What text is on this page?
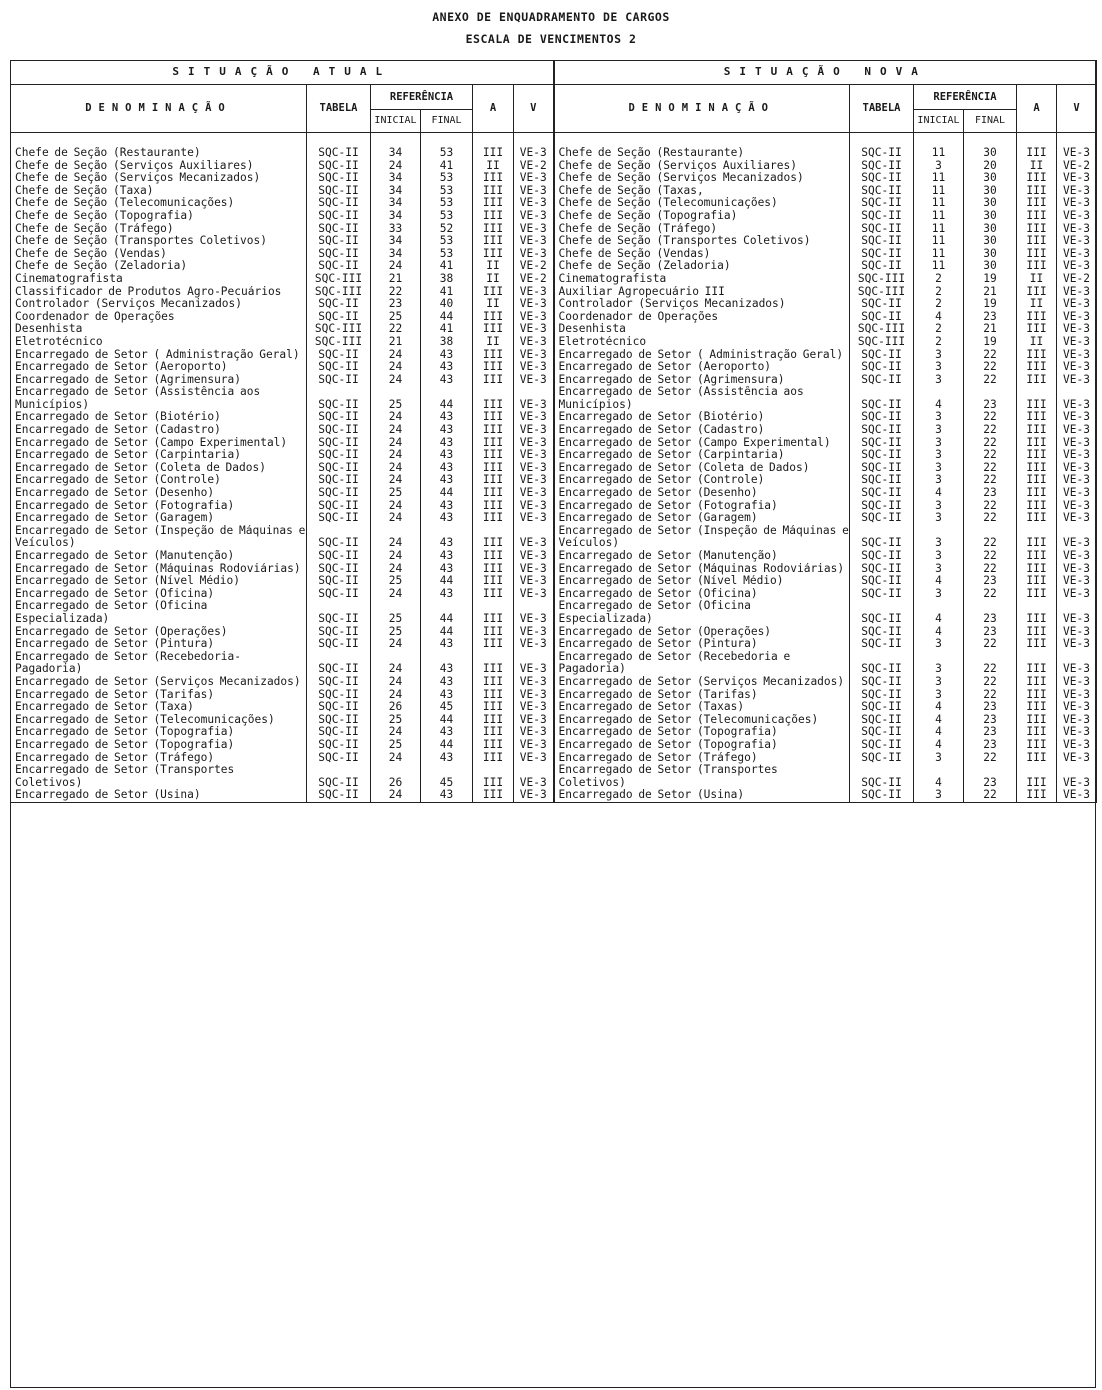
ANEXO DE ENQUADRAMENTO DE CARGOS
ESCALA DE VENCIMENTOS 2
SITUAÇÃO ATUAL						SITUAÇÃO NOVA					
DENOMINAÇÃO	TABELA	REFERÊNCIA		A	V	DENOMINAÇÃO	TABELA	REFERÊNCIA		A	V
		INICIAL	FINAL					INICIAL	FINAL		

Chefe de Seção (Restaurante)	SQC-II	34	53	III	VE-3	Chefe de Seção (Restaurante)	SQC-II	11	30	III	VE-3
Chefe de Seção (Serviços Auxiliares)	SQC-II	24	41	II	VE-2	Chefe de Seção (Serviços Auxiliares)	SQC-II	3	20	II	VE-2
Chefe de Seção (Serviços Mecanizados)	SQC-II	34	53	III	VE-3	Chefe de Seção (Serviços Mecanizados)	SQC-II	11	30	III	VE-3
Chefe de Seção (Taxa)	SQC-II	34	53	III	VE-3	Chefe de Seção (Taxas,	SQC-II	11	30	III	VE-3
Chefe de Seção (Telecomunicações)	SQC-II	34	53	III	VE-3	Chefe de Seção (Telecomunicações)	SQC-II	11	30	III	VE-3
Chefe de Seção (Topografia)	SQC-II	34	53	III	VE-3	Chefe de Seção (Topografia)	SQC-II	11	30	III	VE-3
Chefe de Seção (Tráfego)	SQC-II	33	52	III	VE-3	Chefe de Seção (Tráfego)	SQC-II	11	30	III	VE-3
Chefe de Seção (Transportes Coletivos)	SQC-II	34	53	III	VE-3	Chefe de Seção (Transportes Coletivos)	SQC-II	11	30	III	VE-3
Chefe de Seção (Vendas)	SQC-II	34	53	III	VE-3	Chefe de Seção (Vendas)	SQC-II	11	30	III	VE-3
Chefe de Seção (Zeladoria)	SQC-II	24	41	II	VE-2	Chefe de Seção (Zeladoria)	SQC-II	11	30	III	VE-3
Cinematografista	SQC-III	21	38	II	VE-2	Cinematografista	SQC-III	2	19	II	VE-2
Classificador de Produtos Agro-Pecuários	SQC-III	22	41	III	VE-3	Auxiliar Agropecuário III	SQC-III	2	21	III	VE-3
Controlador (Serviços Mecanizados)	SQC-II	23	40	II	VE-3	Controlador (Serviços Mecanizados)	SQC-II	2	19	II	VE-3
Coordenador de Operações	SQC-II	25	44	III	VE-3	Coordenador de Operações	SQC-II	4	23	III	VE-3
Desenhista	SQC-III	22	41	III	VE-3	Desenhista	SQC-III	2	21	III	VE-3
Eletrotécnico	SQC-III	21	38	II	VE-3	Eletrotécnico	SQC-III	2	19	II	VE-3
Encarregado de Setor ( Administração Geral)	SQC-II	24	43	III	VE-3	Encarregado de Setor ( Administração Geral)	SQC-II	3	22	III	VE-3
Encarregado de Setor (Aeroporto)	SQC-II	24	43	III	VE-3	Encarregado de Setor (Aeroporto)	SQC-II	3	22	III	VE-3
Encarregado de Setor (Agrimensura)	SQC-II	24	43	III	VE-3	Encarregado de Setor (Agrimensura)	SQC-II	3	22	III	VE-3
Encarregado de Setor (Assistência aos Municípios)	SQC-II	25	44	III	VE-3	Encarregado de Setor (Assistência aos Municípios)	SQC-II	4	23	III	VE-3
Encarregado de Setor (Biotério)	SQC-II	24	43	III	VE-3	Encarregado de Setor (Biotério)	SQC-II	3	22	III	VE-3
Encarregado de Setor (Cadastro)	SQC-II	24	43	III	VE-3	Encarregado de Setor (Cadastro)	SQC-II	3	22	III	VE-3
Encarregado de Setor (Campo Experimental)	SQC-II	24	43	III	VE-3	Encarregado de Setor (Campo Experimental)	SQC-II	3	22	III	VE-3
Encarregado de Setor (Carpintaria)	SQC-II	24	43	III	VE-3	Encarregado de Setor (Carpintaria)	SQC-II	3	22	III	VE-3
Encarregado de Setor (Coleta de Dados)	SQC-II	24	43	III	VE-3	Encarregado de Setor (Coleta de Dados)	SQC-II	3	22	III	VE-3
Encarregado de Setor (Controle)	SQC-II	24	43	III	VE-3	Encarregado de Setor (Controle)	SQC-II	3	22	III	VE-3
Encarregado de Setor (Desenho)	SQC-II	25	44	III	VE-3	Encarregado de Setor (Desenho)	SQC-II	4	23	III	VE-3
Encarregado de Setor (Fotografia)	SQC-II	24	43	III	VE-3	Encarregado de Setor (Fotografia)	SQC-II	3	22	III	VE-3
Encarregado de Setor (Garagem)	SQC-II	24	43	III	VE-3	Encarregado de Setor (Garagem)	SQC-II	3	22	III	VE-3
Encarregado de Setor (Inspeção de Máquinas e Veículos)	SQC-II	24	43	III	VE-3	Encarregado de Setor (Inspeção de Máquinas e Veículos)	SQC-II	3	22	III	VE-3
Encarregado de Setor (Manutenção)	SQC-II	24	43	III	VE-3	Encarregado de Setor (Manutenção)	SQC-II	3	22	III	VE-3
Encarregado de Setor (Máquinas Rodoviárias)	SQC-II	24	43	III	VE-3	Encarregado de Setor (Máquinas Rodoviárias)	SQC-II	3	22	III	VE-3
Encarregado de Setor (Nível Médio)	SQC-II	25	44	III	VE-3	Encarregado de Setor (Nível Médio)	SQC-II	4	23	III	VE-3
Encarregado de Setor (Oficina)	SQC-II	24	43	III	VE-3	Encarregado de Setor (Oficina)	SQC-II	3	22	III	VE-3
Encarregado de Setor (Oficina Especializada)	SQC-II	25	44	III	VE-3	Encarregado de Setor (Oficina Especializada)	SQC-II	4	23	III	VE-3
Encarregado de Setor (Operações)	SQC-II	25	44	III	VE-3	Encarregado de Setor (Operações)	SQC-II	4	23	III	VE-3
Encarregado de Setor (Pintura)	SQC-II	24	43	III	VE-3	Encarregado de Setor (Pintura)	SQC-II	3	22	III	VE-3
Encarregado de Setor (Recebedoria-Pagadoria)	SQC-II	24	43	III	VE-3	Encarregado de Setor (Recebedoria e Pagadoria)	SQC-II	3	22	III	VE-3
Encarregado de Setor (Serviços Mecanizados)	SQC-II	24	43	III	VE-3	Encarregado de Setor (Serviços Mecanizados)	SQC-II	3	22	III	VE-3
Encarregado de Setor (Tarifas)	SQC-II	24	43	III	VE-3	Encarregado de Setor (Tarifas)	SQC-II	3	22	III	VE-3
Encarregado de Setor (Taxa)	SQC-II	26	45	III	VE-3	Encarregado de Setor (Taxas)	SQC-II	4	23	III	VE-3
Encarregado de Setor (Telecomunicações)	SQC-II	25	44	III	VE-3	Encarregado de Setor (Telecomunicações)	SQC-II	4	23	III	VE-3
Encarregado de Setor (Topografia)	SQC-II	24	43	III	VE-3	Encarregado de Setor (Topografia)	SQC-II	4	23	III	VE-3
Encarregado de Setor (Topografia)	SQC-II	25	44	III	VE-3	Encarregado de Setor (Topografia)	SQC-II	4	23	III	VE-3
Encarregado de Setor (Tráfego)	SQC-II	24	43	III	VE-3	Encarregado de Setor (Tráfego)	SQC-II	3	22	III	VE-3
Encarregado de Setor (Transportes Coletivos)	SQC-II	26	45	III	VE-3	Encarregado de Setor (Transportes Coletivos)	SQC-II	4	23	III	VE-3
Encarregado de Setor (Usina)	SQC-II	24	43	III	VE-3	Encarregado de Setor (Usina)	SQC-II	3	22	III	VE-3
